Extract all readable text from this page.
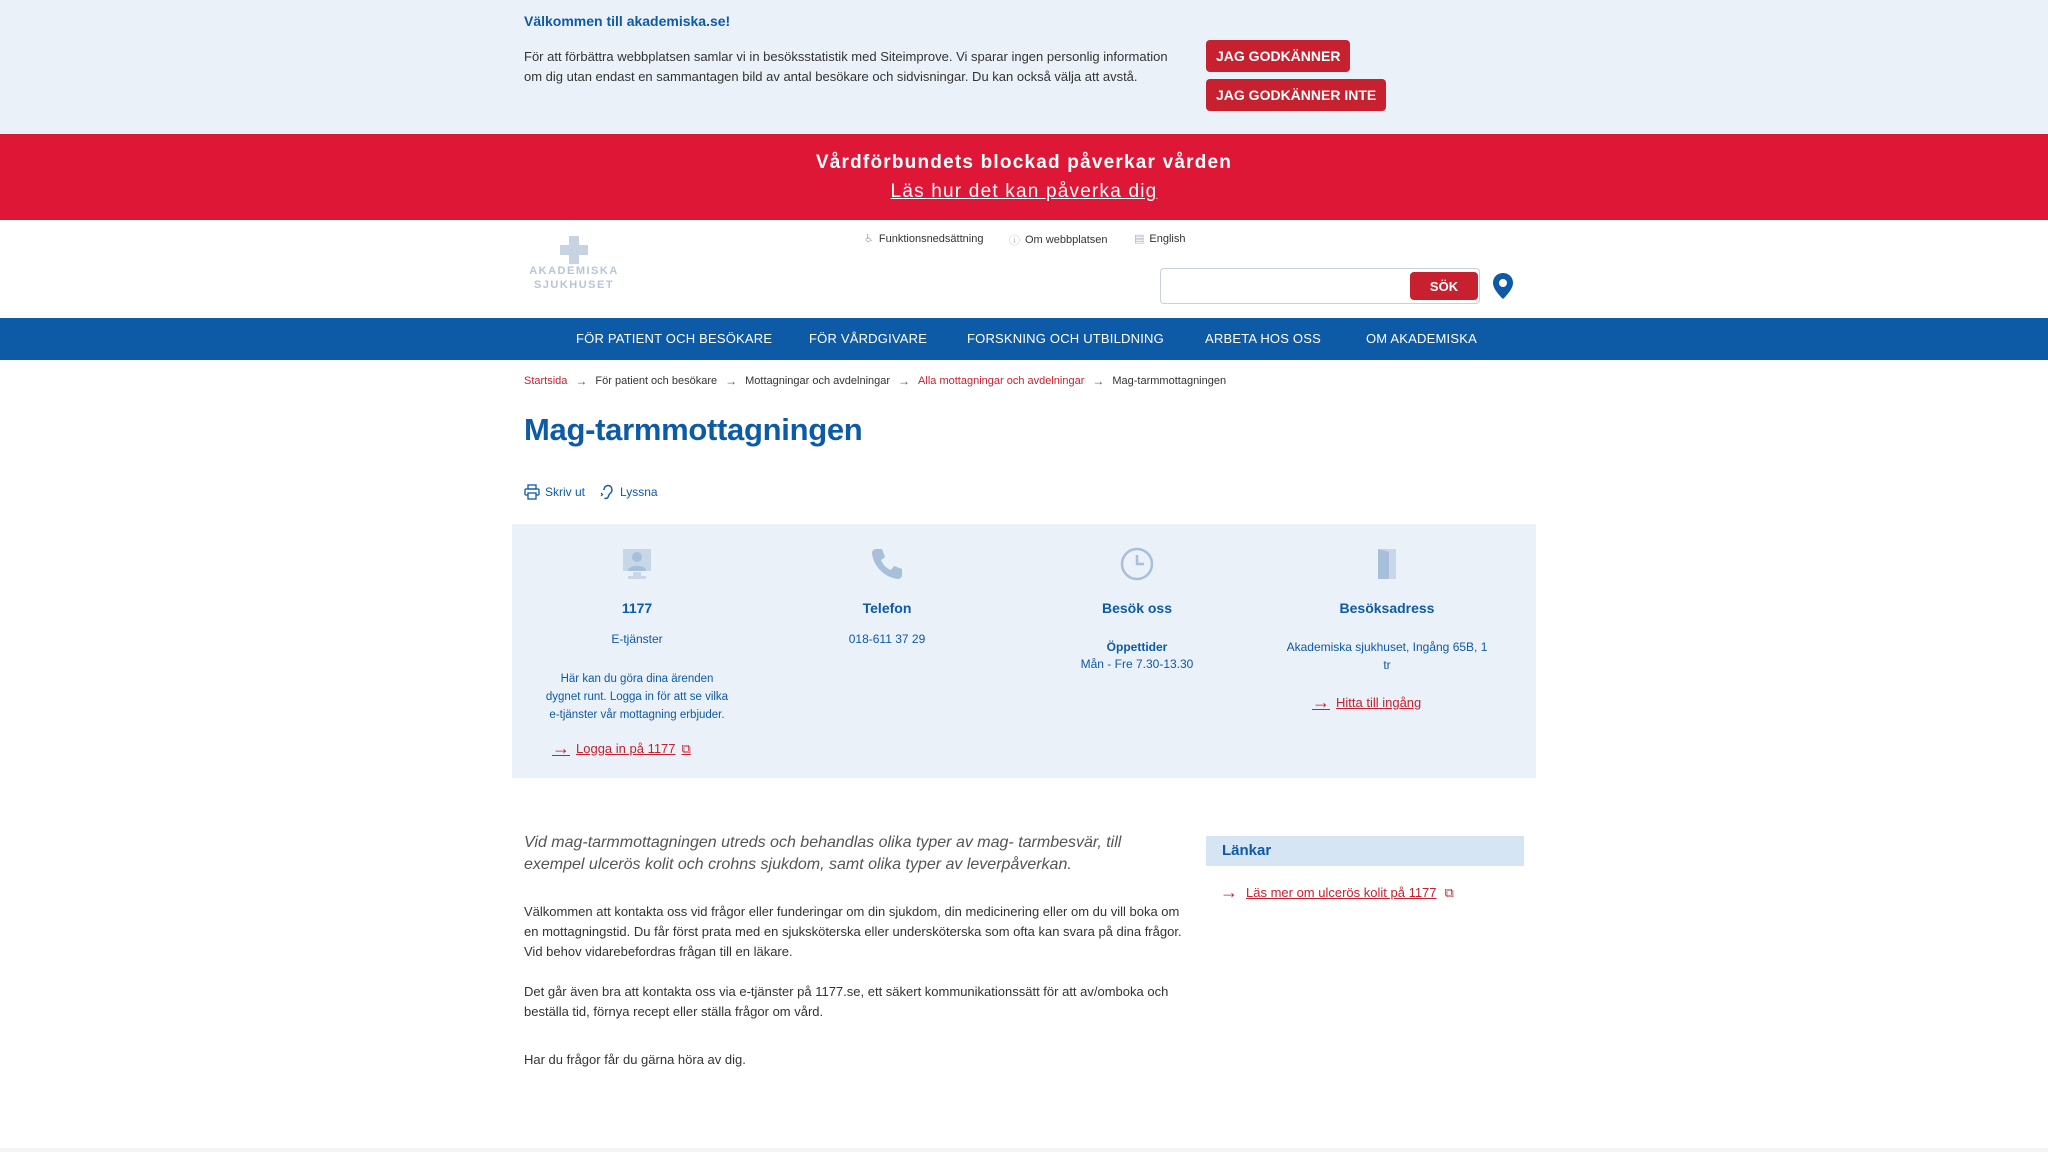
Välkommen till akademiska.se!
För att förbättra webbplatsen samlar vi in besöksstatistik med Siteimprove. Vi sparar ingen personlig information om dig utan endast en sammantagen bild av antal besökare och sidvisningar. Du kan också välja att avstå.
JAG GODKÄNNER
JAG GODKÄNNER INTE
Vårdförbundets blockad påverkar vården
Läs hur det kan påverka dig
AKADEMISKA
SJUKHUSET
♿ Funktionsnedsättning ⓘ Om webbplatsen ▤ English
SÖK
FÖR PATIENT OCH BESÖKARE	FÖR VÅRDGIVARE	FORSKNING OCH UTBILDNING	ARBETA HOS OSS	OM AKADEMISKA
Startsida → För patient och besökare → Mottagningar och avdelningar → Alla mottagningar och avdelningar → Mag-tarmmottagningen
Mag-tarmmottagningen
Skriv ut	Lyssna
1177
E-tjänster
Här kan du göra dina ärenden dygnet runt. Logga in för att se vilka e-tjänster vår mottagning erbjuder.
→ Logga in på 1177 ⧉
Telefon
018-611 37 29
Besök oss
Öppettider
Mån - Fre 7.30-13.30
Besöksadress
Akademiska sjukhuset, Ingång 65B, 1 tr
→ Hitta till ingång

Vid mag-tarmmottagningen utreds och behandlas olika typer av mag- tarmbesvär, till exempel ulcerös kolit och crohns sjukdom, samt olika typer av leverpåverkan.

Välkommen att kontakta oss vid frågor eller funderingar om din sjukdom, din medicinering eller om du vill boka om en mottagningstid. Du får först prata med en sjuksköterska eller undersköterska som ofta kan svara på dina frågor. Vid behov vidarebefordras frågan till en läkare.

Det går även bra att kontakta oss via e-tjänster på 1177.se, ett säkert kommunikationssätt för att av/omboka och beställa tid, förnya recept eller ställa frågor om vård.

Har du frågor får du gärna höra av dig.

Länkar
→ Läs mer om ulcerös kolit på 1177 ⧉
